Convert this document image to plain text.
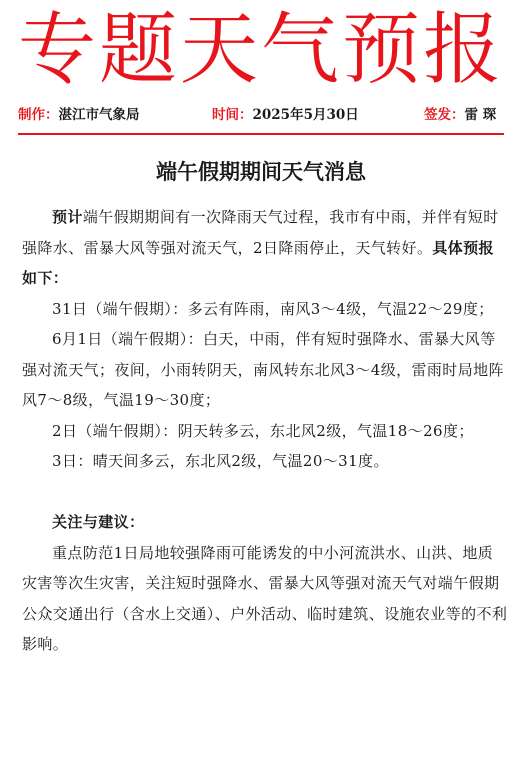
专题天气预报
制作：湛江市气象局	时间：2025年5月30日	签发：雷 琛
端午假期期间天气消息

预计端午假期期间有一次降雨天气过程，我市有中雨，并伴有短时强降水、雷暴大风等强对流天气，2日降雨停止，天气转好。具体预报如下：

31日（端午假期）：多云有阵雨，南风3～4级，气温22～29度；

6月1日（端午假期）：白天，中雨，伴有短时强降水、雷暴大风等强对流天气；夜间，小雨转阴天，南风转东北风3～4级，雷雨时局地阵风7～8级，气温19～30度；

2日（端午假期）：阴天转多云，东北风2级，气温18～26度；

3日：晴天间多云，东北风2级，气温20～31度。

关注与建议：

重点防范1日局地较强降雨可能诱发的中小河流洪水、山洪、地质灾害等次生灾害，关注短时强降水、雷暴大风等强对流天气对端午假期公众交通出行（含水上交通）、户外活动、临时建筑、设施农业等的不利影响。
